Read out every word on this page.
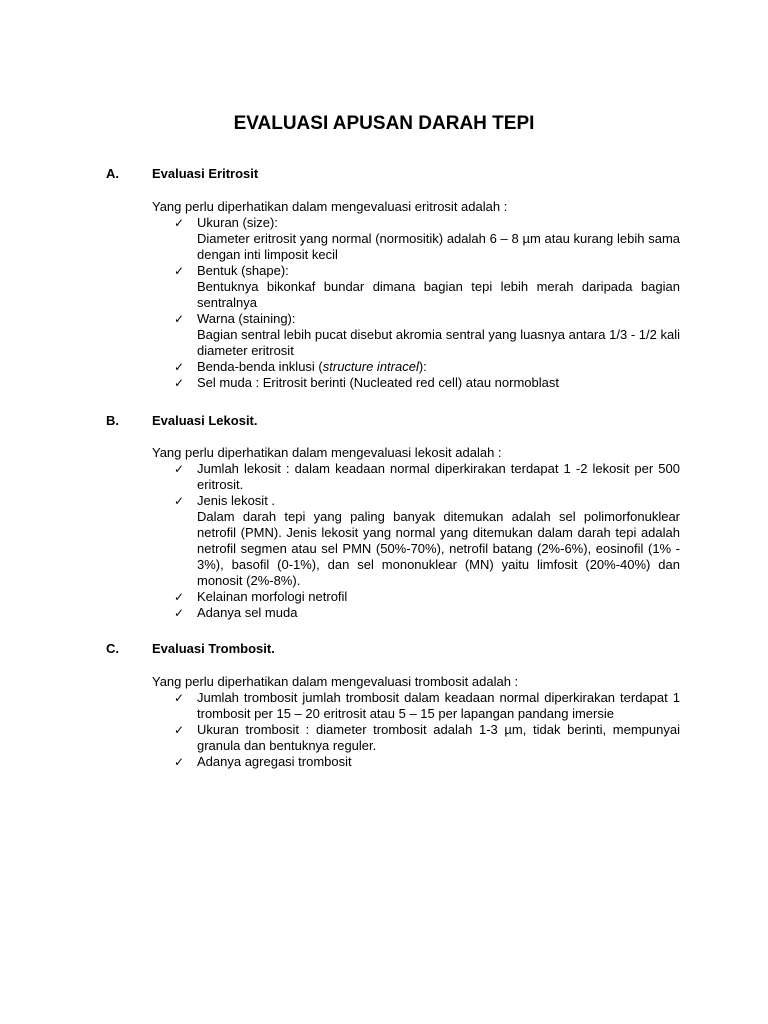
EVALUASI APUSAN DARAH TEPI
A.	Evaluasi Eritrosit
Yang perlu diperhatikan dalam mengevaluasi eritrosit adalah :
✓ Ukuran (size):
Diameter eritrosit yang normal (normositik) adalah 6 – 8 µm atau kurang lebih sama dengan inti limposit kecil
✓ Bentuk (shape):
Bentuknya bikonkaf bundar dimana bagian tepi lebih merah daripada bagian sentralnya
✓ Warna (staining):
Bagian sentral lebih pucat disebut akromia sentral yang luasnya antara 1/3 - 1/2 kali diameter eritrosit
✓ Benda-benda inklusi (structure intracel):
✓ Sel muda : Eritrosit berinti (Nucleated red cell) atau normoblast
B.	Evaluasi Lekosit.
Yang perlu diperhatikan dalam mengevaluasi lekosit adalah :
✓ Jumlah lekosit : dalam keadaan normal diperkirakan terdapat 1 -2 lekosit per 500 eritrosit.
✓ Jenis lekosit .
Dalam darah tepi yang paling banyak ditemukan adalah sel polimorfonuklear netrofil (PMN). Jenis lekosit yang normal yang ditemukan dalam darah tepi adalah netrofil segmen atau sel PMN (50%-70%), netrofil batang (2%-6%), eosinofil (1% - 3%), basofil (0-1%), dan sel mononuklear (MN) yaitu limfosit (20%-40%) dan monosit (2%-8%).
✓ Kelainan morfologi netrofil
✓ Adanya sel muda
C.	Evaluasi Trombosit.
Yang perlu diperhatikan dalam mengevaluasi trombosit adalah :
✓ Jumlah trombosit jumlah trombosit dalam keadaan normal diperkirakan terdapat 1 trombosit per 15 – 20 eritrosit atau 5 – 15 per lapangan pandang imersie
✓ Ukuran trombosit : diameter trombosit adalah 1-3 µm, tidak berinti, mempunyai granula dan bentuknya reguler.
✓ Adanya agregasi trombosit
